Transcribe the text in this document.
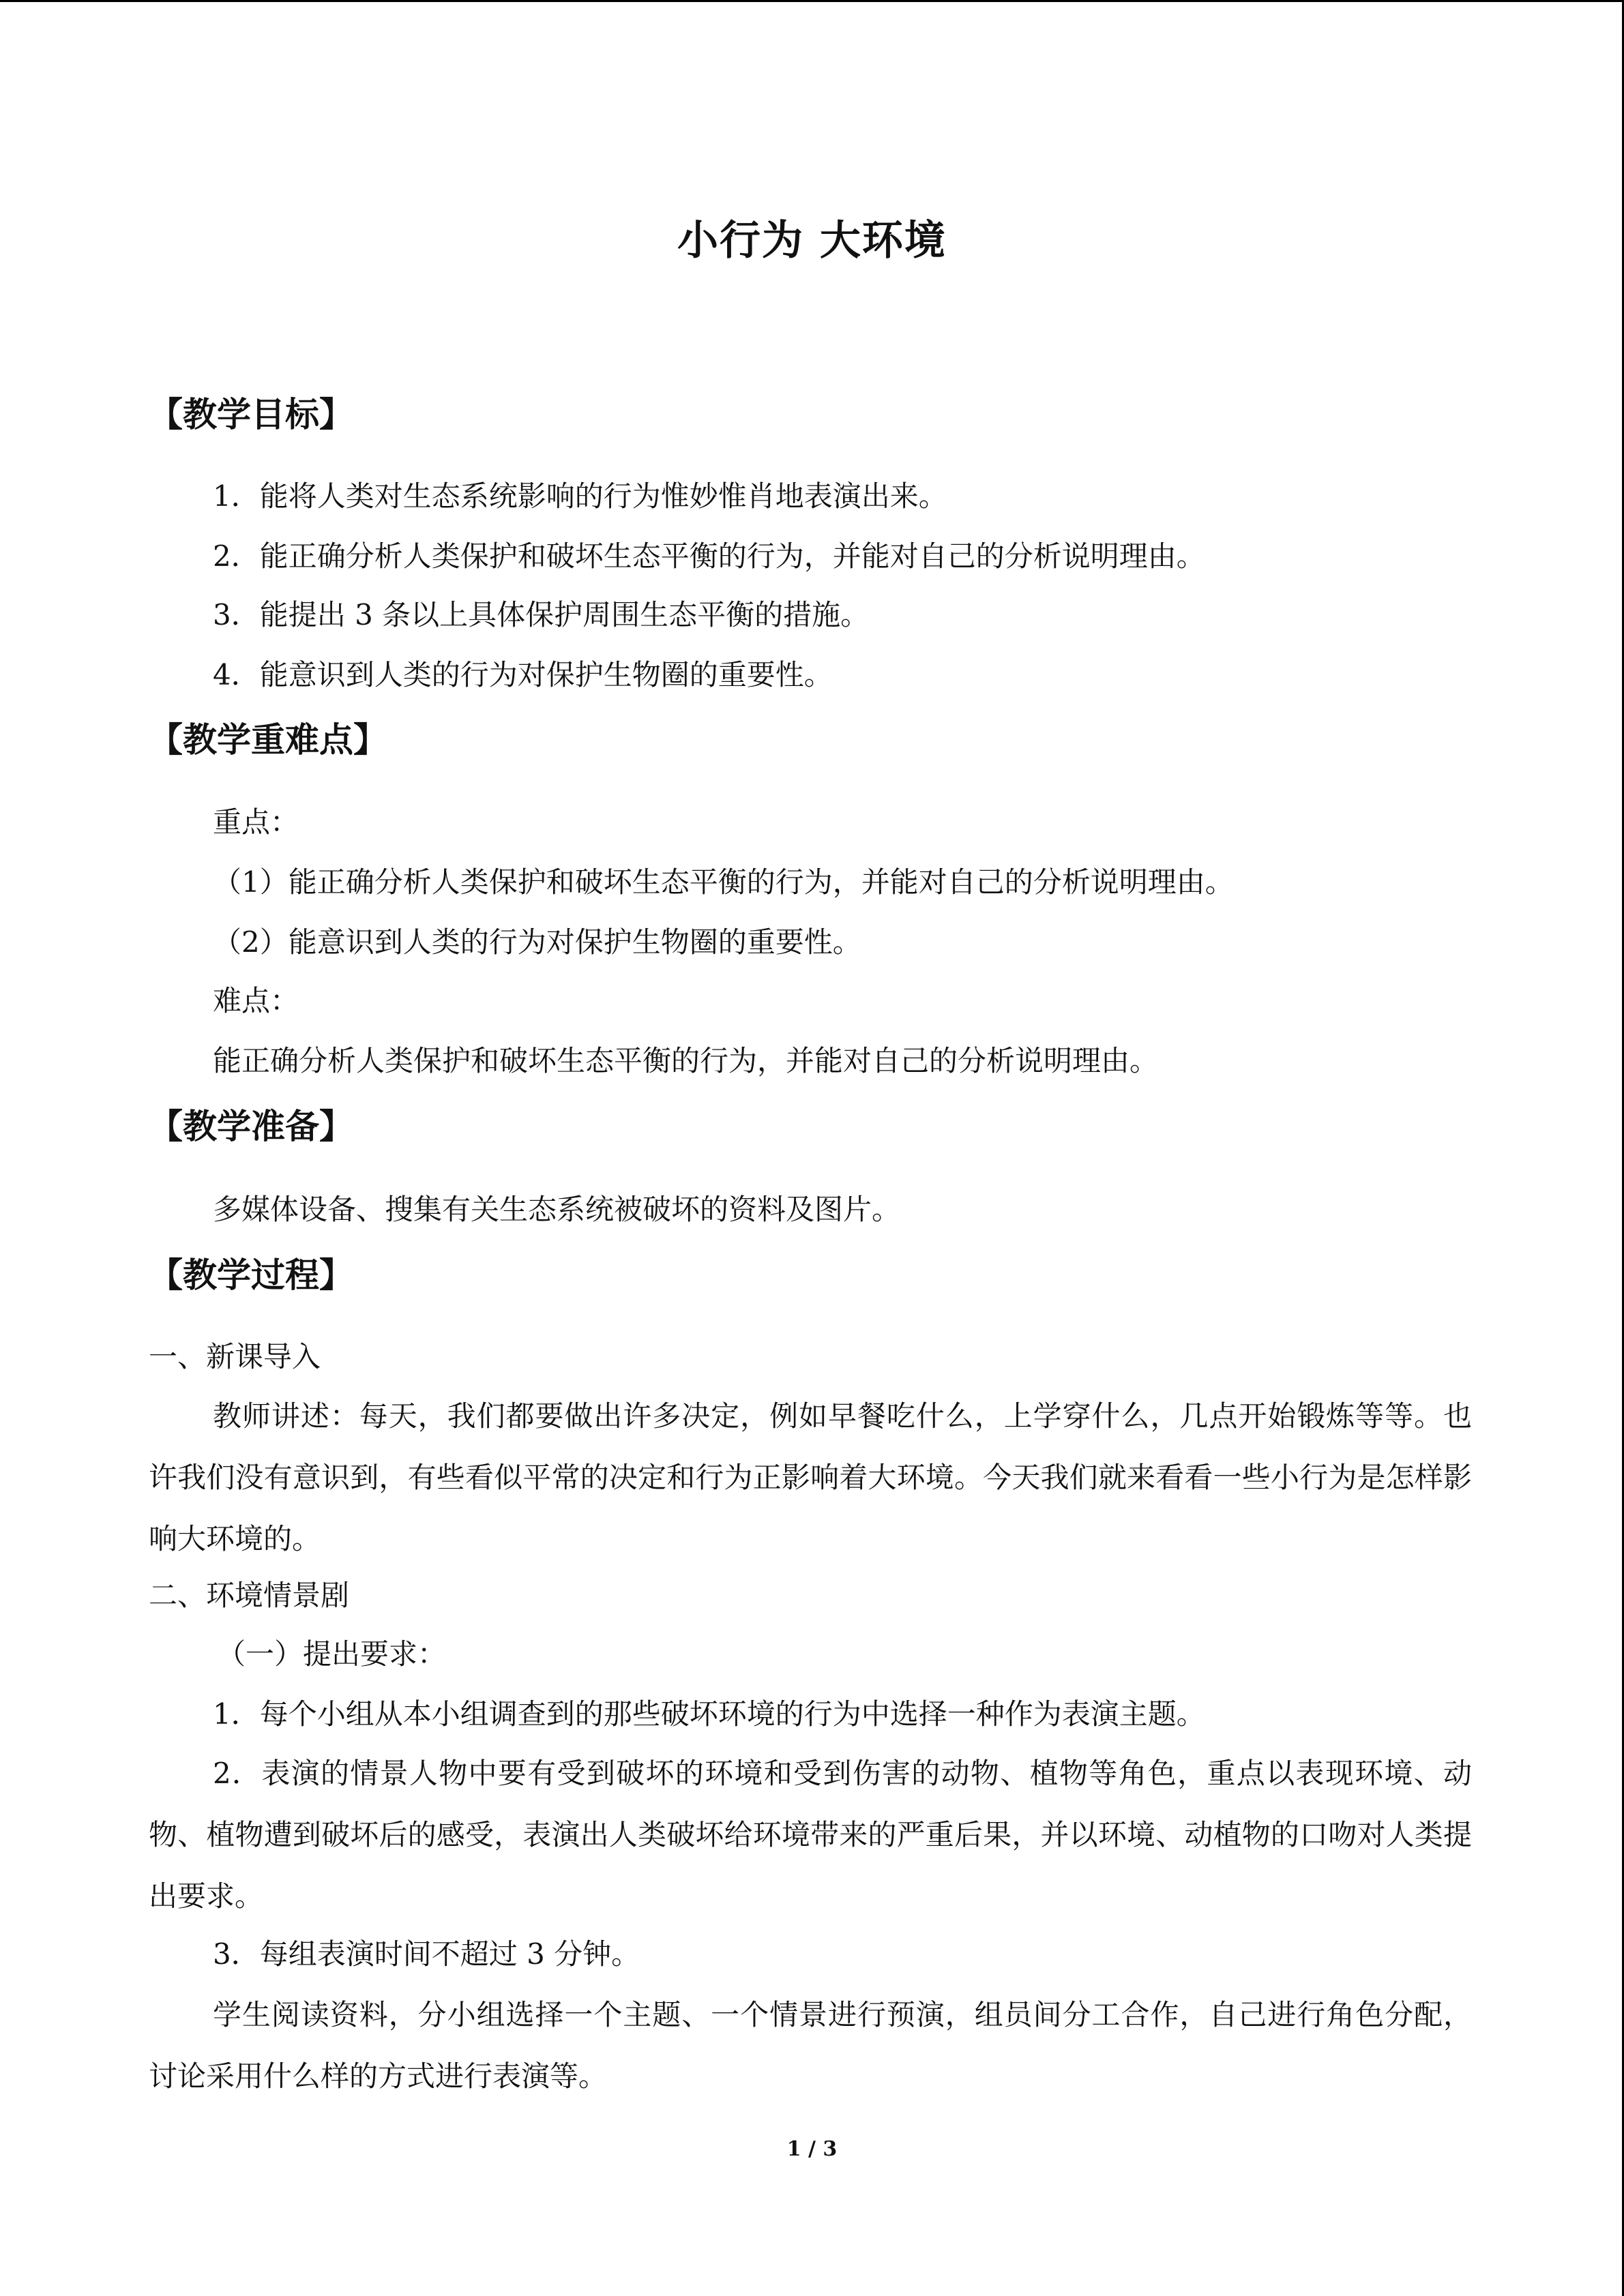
小行为 大环境
【教学目标】
1．能将人类对生态系统影响的行为惟妙惟肖地表演出来。
2．能正确分析人类保护和破坏生态平衡的行为，并能对自己的分析说明理由。
3．能提出 3 条以上具体保护周围生态平衡的措施。
4．能意识到人类的行为对保护生物圈的重要性。
【教学重难点】
重点：
（1）能正确分析人类保护和破坏生态平衡的行为，并能对自己的分析说明理由。
（2）能意识到人类的行为对保护生物圈的重要性。
难点：
能正确分析人类保护和破坏生态平衡的行为，并能对自己的分析说明理由。
【教学准备】
多媒体设备、搜集有关生态系统被破坏的资料及图片。
【教学过程】
一、新课导入
教师讲述：每天，我们都要做出许多决定，例如早餐吃什么，上学穿什么，几点开始锻炼等等。也许我们没有意识到，有些看似平常的决定和行为正影响着大环境。今天我们就来看看一些小行为是怎样影响大环境的。
二、环境情景剧
（一）提出要求：
1．每个小组从本小组调查到的那些破坏环境的行为中选择一种作为表演主题。
2．表演的情景人物中要有受到破坏的环境和受到伤害的动物、植物等角色，重点以表现环境、动物、植物遭到破坏后的感受，表演出人类破坏给环境带来的严重后果，并以环境、动植物的口吻对人类提出要求。
3．每组表演时间不超过 3 分钟。
学生阅读资料，分小组选择一个主题、一个情景进行预演，组员间分工合作，自己进行角色分配，讨论采用什么样的方式进行表演等。
1 / 3
